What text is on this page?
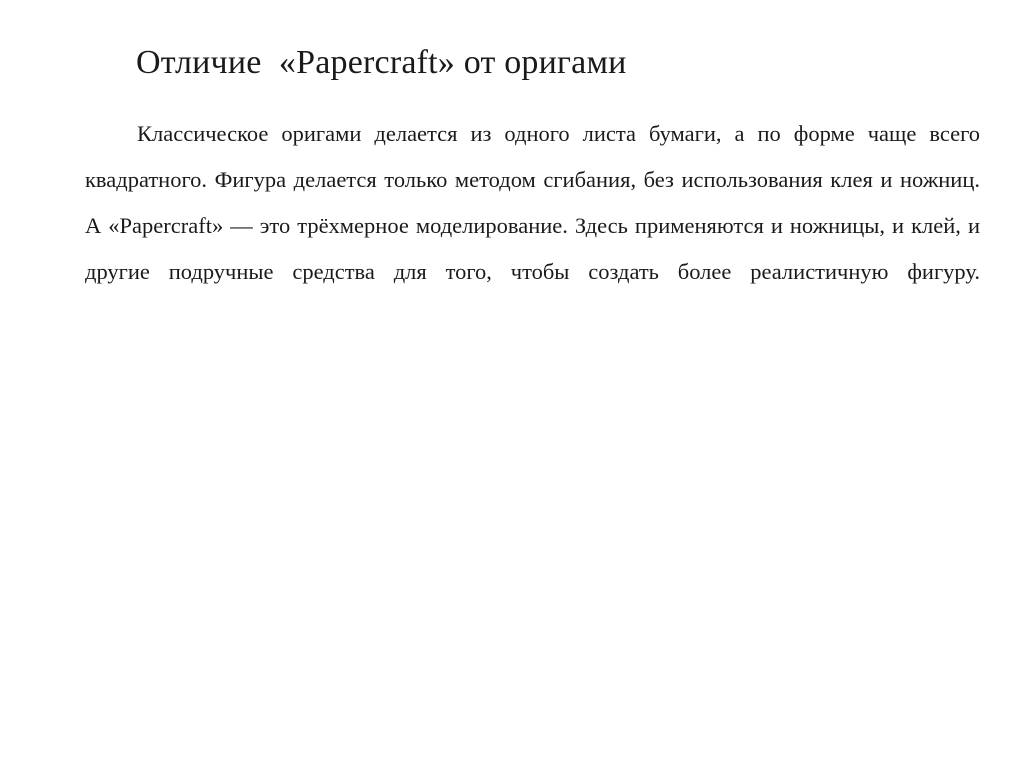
Отличие  «Papercraft» от оригами

Классическое оригами делается из одного листа бумаги, а по форме чаще всего квадратного. Фигура делается только методом сгибания, без использования клея и ножниц. А «Papercraft» — это трёхмерное моделирование. Здесь применяются и ножницы, и клей, и другие подручные средства для того, чтобы создать более реалистичную фигуру.
